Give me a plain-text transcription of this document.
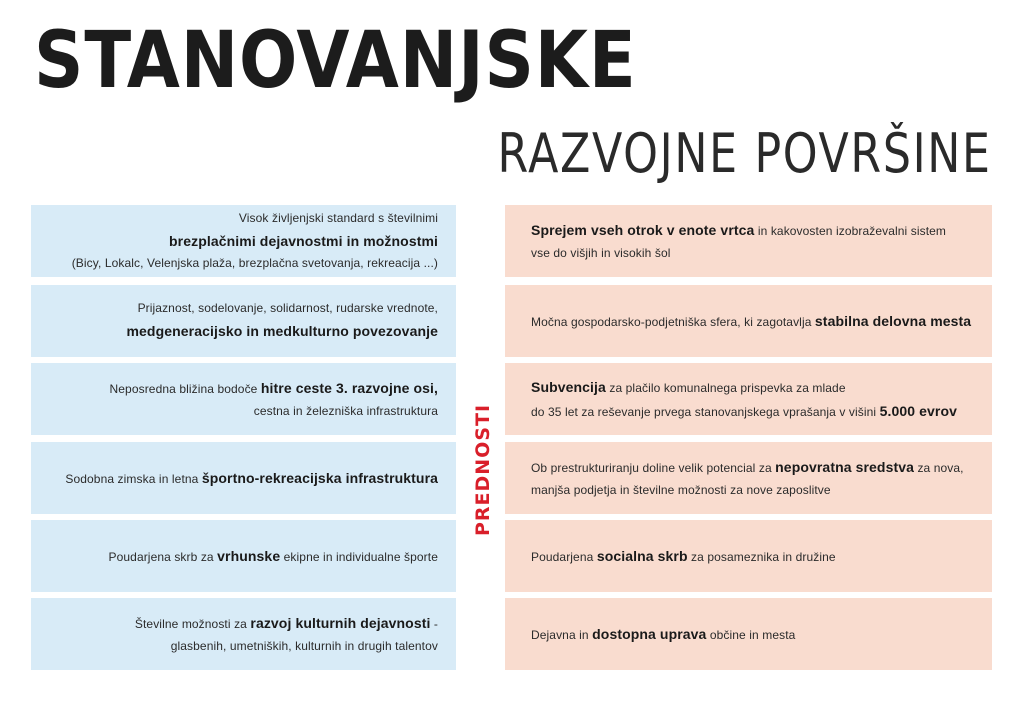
STANOVANJSKE
RAZVOJNE POVRŠINE
Visok življenjski standard s številnimi
brezplačnimi dejavnostmi in možnostmi
(Bicy, Lokalc, Velenjska plaža, brezplačna svetovanja, rekreacija ...)
Prijaznost, sodelovanje, solidarnost, rudarske vrednote,
medgeneracijsko in medkulturno povezovanje
Neposredna bližina bodoče hitre ceste 3. razvojne osi,
cestna in železniška infrastruktura
Sodobna zimska in letna športno-rekreacijska infrastruktura
Poudarjena skrb za vrhunske ekipne in individualne športe
Številne možnosti za razvoj kulturnih dejavnosti -
glasbenih, umetniških, kulturnih in drugih talentov
PREDNOSTI
Sprejem vseh otrok v enote vrtca in kakovosten izobraževalni sistem
vse do višjih in visokih šol
Močna gospodarsko-podjetniška sfera, ki zagotavlja stabilna delovna mesta
Subvencija za plačilo komunalnega prispevka za mlade
do 35 let za reševanje prvega stanovanjskega vprašanja v višini 5.000 evrov
Ob prestrukturiranju doline velik potencial za nepovratna sredstva za nova,
manjša podjetja in številne možnosti za nove zaposlitve
Poudarjena socialna skrb za posameznika in družine
Dejavna in dostopna uprava občine in mesta
